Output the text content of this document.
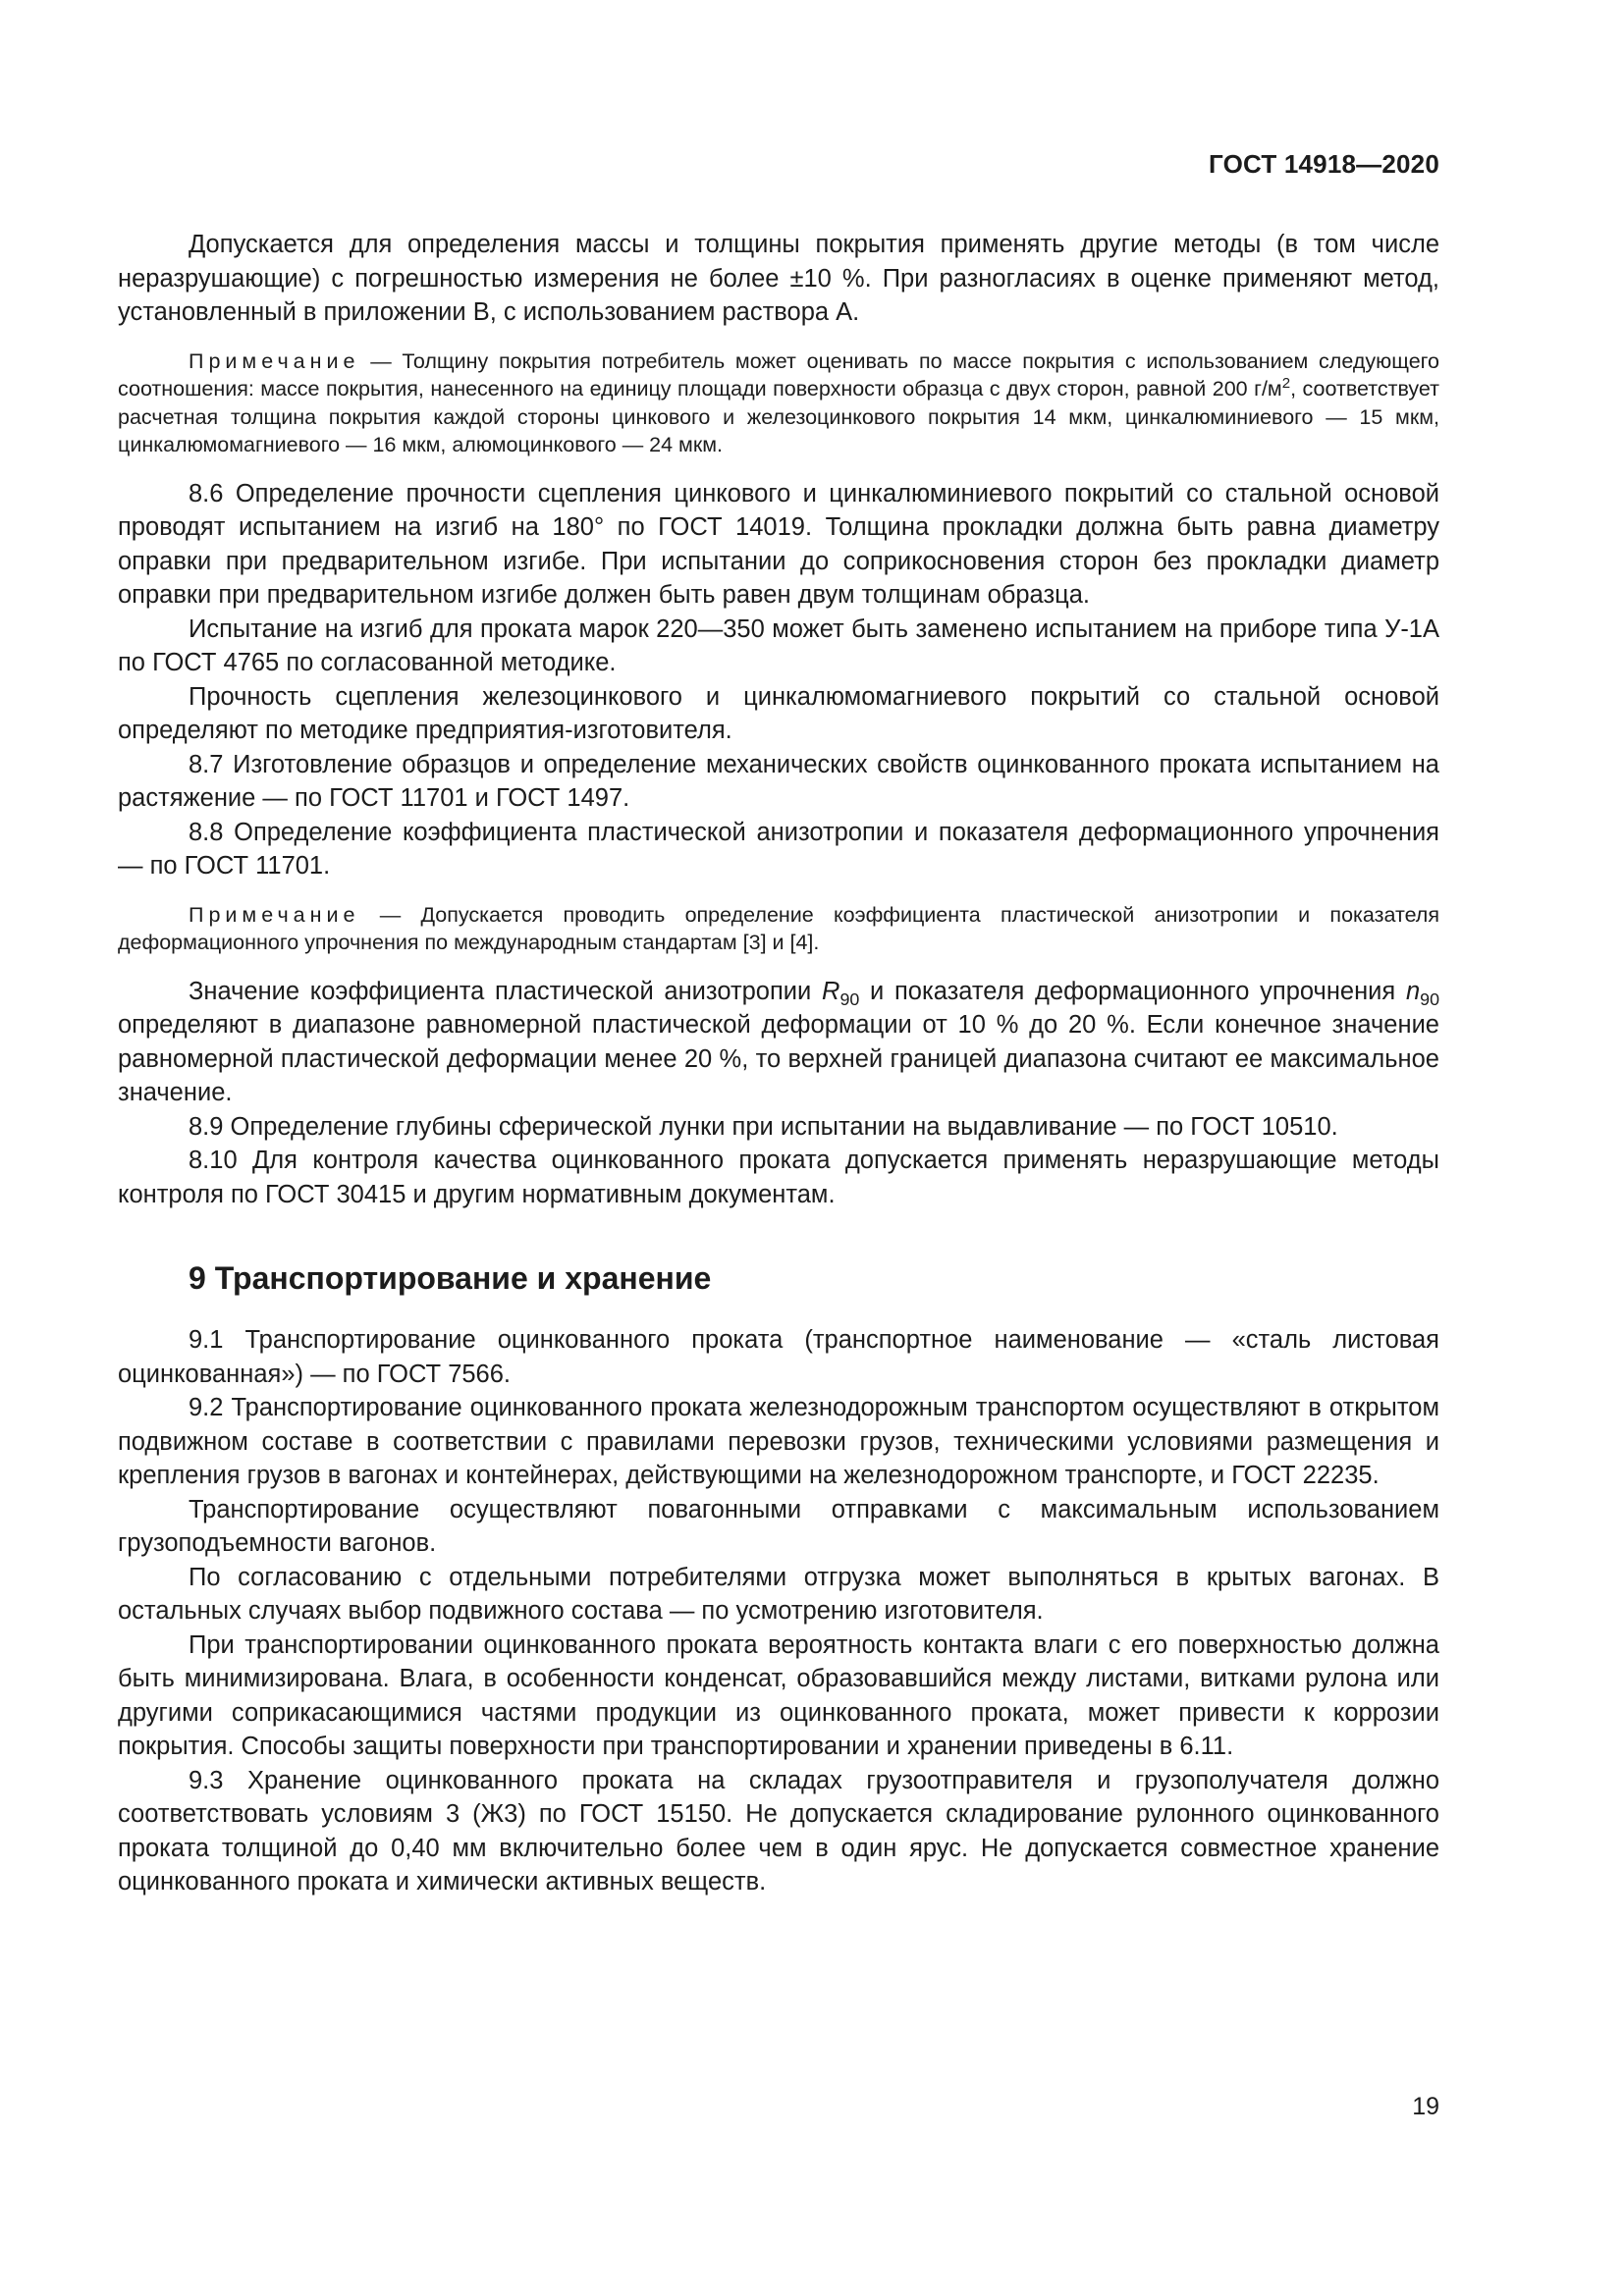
ГОСТ 14918—2020

Допускается для определения массы и толщины покрытия применять другие методы (в том числе неразрушающие) с погрешностью измерения не более ±10 %. При разногласиях в оценке применяют метод, установленный в приложении В, с использованием раствора А.

Примечание — Толщину покрытия потребитель может оценивать по массе покрытия с использованием следующего соотношения: массе покрытия, нанесенного на единицу площади поверхности образца с двух сторон, равной 200 $г/м^2$, соответствует расчетная толщина покрытия каждой стороны цинкового и железоцинкового покрытия 14 мкм, цинкалюминиевого — 15 мкм, цинкалюмомагниевого — 16 мкм, алюмоцинкового — 24 мкм.

8.6 Определение прочности сцепления цинкового и цинкалюминиевого покрытий со стальной основой проводят испытанием на изгиб на 180° по ГОСТ 14019. Толщина прокладки должна быть равна диаметру оправки при предварительном изгибе. При испытании до соприкосновения сторон без прокладки диаметр оправки при предварительном изгибе должен быть равен двум толщинам образца.

Испытание на изгиб для проката марок 220—350 может быть заменено испытанием на приборе типа У-1А по ГОСТ 4765 по согласованной методике.

Прочность сцепления железоцинкового и цинкалюмомагниевого покрытий со стальной основой определяют по методике предприятия-изготовителя.

8.7 Изготовление образцов и определение механических свойств оцинкованного проката испытанием на растяжение — по ГОСТ 11701 и ГОСТ 1497.

8.8 Определение коэффициента пластической анизотропии и показателя деформационного упрочнения — по ГОСТ 11701.

Примечание — Допускается проводить определение коэффициента пластической анизотропии и показателя деформационного упрочнения по международным стандартам [3] и [4].

Значение коэффициента пластической анизотропии $R_{90}$ и показателя деформационного упрочнения $n_{90}$ определяют в диапазоне равномерной пластической деформации от 10 % до 20 %. Если конечное значение равномерной пластической деформации менее 20 %, то верхней границей диапазона считают ее максимальное значение.

8.9 Определение глубины сферической лунки при испытании на выдавливание — по ГОСТ 10510.

8.10 Для контроля качества оцинкованного проката допускается применять неразрушающие методы контроля по ГОСТ 30415 и другим нормативным документам.

9 Транспортирование и хранение

9.1 Транспортирование оцинкованного проката (транспортное наименование — «сталь листовая оцинкованная») — по ГОСТ 7566.

9.2 Транспортирование оцинкованного проката железнодорожным транспортом осуществляют в открытом подвижном составе в соответствии с правилами перевозки грузов, техническими условиями размещения и крепления грузов в вагонах и контейнерах, действующими на железнодорожном транспорте, и ГОСТ 22235.

Транспортирование осуществляют повагонными отправками с максимальным использованием грузоподъемности вагонов.

По согласованию с отдельными потребителями отгрузка может выполняться в крытых вагонах. В остальных случаях выбор подвижного состава — по усмотрению изготовителя.

При транспортировании оцинкованного проката вероятность контакта влаги с его поверхностью должна быть минимизирована. Влага, в особенности конденсат, образовавшийся между листами, витками рулона или другими соприкасающимися частями продукции из оцинкованного проката, может привести к коррозии покрытия. Способы защиты поверхности при транспортировании и хранении приведены в 6.11.

9.3 Хранение оцинкованного проката на складах грузоотправителя и грузополучателя должно соответствовать условиям 3 (Ж3) по ГОСТ 15150. Не допускается складирование рулонного оцинкованного проката толщиной до 0,40 мм включительно более чем в один ярус. Не допускается совместное хранение оцинкованного проката и химически активных веществ.

19
